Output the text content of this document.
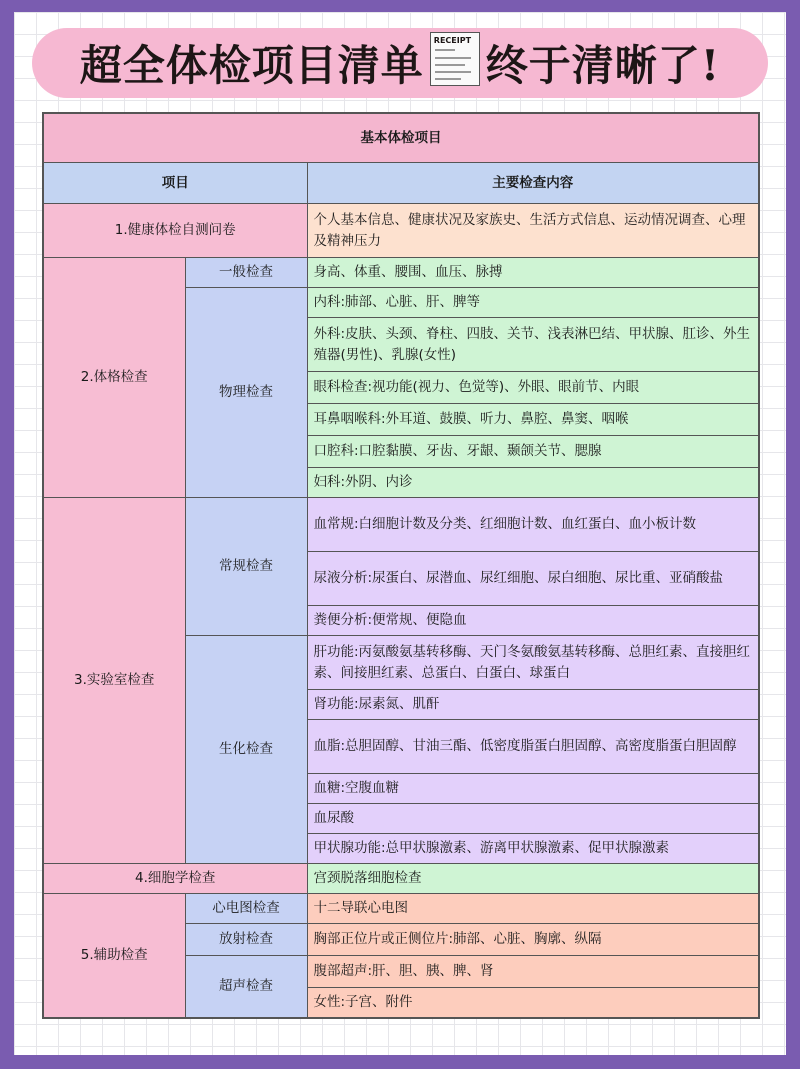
超全体检项目清单
RECEIPT
终于清晰了!
基本体检项目		
项目		主要检查内容
1.健康体检自测问卷		个人基本信息、健康状况及家族史、生活方式信息、运动情况调查、心理及精神压力
2.体格检查	一般检查	身高、体重、腰围、血压、脉搏
	物理检查	内科:肺部、心脏、肝、脾等
		外科:皮肤、头颈、脊柱、四肢、关节、浅表淋巴结、甲状腺、肛诊、外生殖器(男性)、乳腺(女性)
		眼科检查:视功能(视力、色觉等)、外眼、眼前节、内眼
		耳鼻咽喉科:外耳道、鼓膜、听力、鼻腔、鼻窦、咽喉
		口腔科:口腔黏膜、牙齿、牙龈、颞颌关节、腮腺
		妇科:外阴、内诊
3.实验室检查	常规检查	血常规:白细胞计数及分类、红细胞计数、血红蛋白、血小板计数
		尿液分析:尿蛋白、尿潜血、尿红细胞、尿白细胞、尿比重、亚硝酸盐
		粪便分析:便常规、便隐血
	生化检查	肝功能:丙氨酸氨基转移酶、天门冬氨酸氨基转移酶、总胆红素、直接胆红素、间接胆红素、总蛋白、白蛋白、球蛋白
		肾功能:尿素氮、肌酐
		血脂:总胆固醇、甘油三酯、低密度脂蛋白胆固醇、高密度脂蛋白胆固醇
		血糖:空腹血糖
		血尿酸
		甲状腺功能:总甲状腺激素、游离甲状腺激素、促甲状腺激素
4.细胞学检查		宫颈脱落细胞检查
5.辅助检查	心电图检查	十二导联心电图
	放射检查	胸部正位片或正侧位片:肺部、心脏、胸廓、纵隔
	超声检查	腹部超声:肝、胆、胰、脾、肾
		女性:子宫、附件
